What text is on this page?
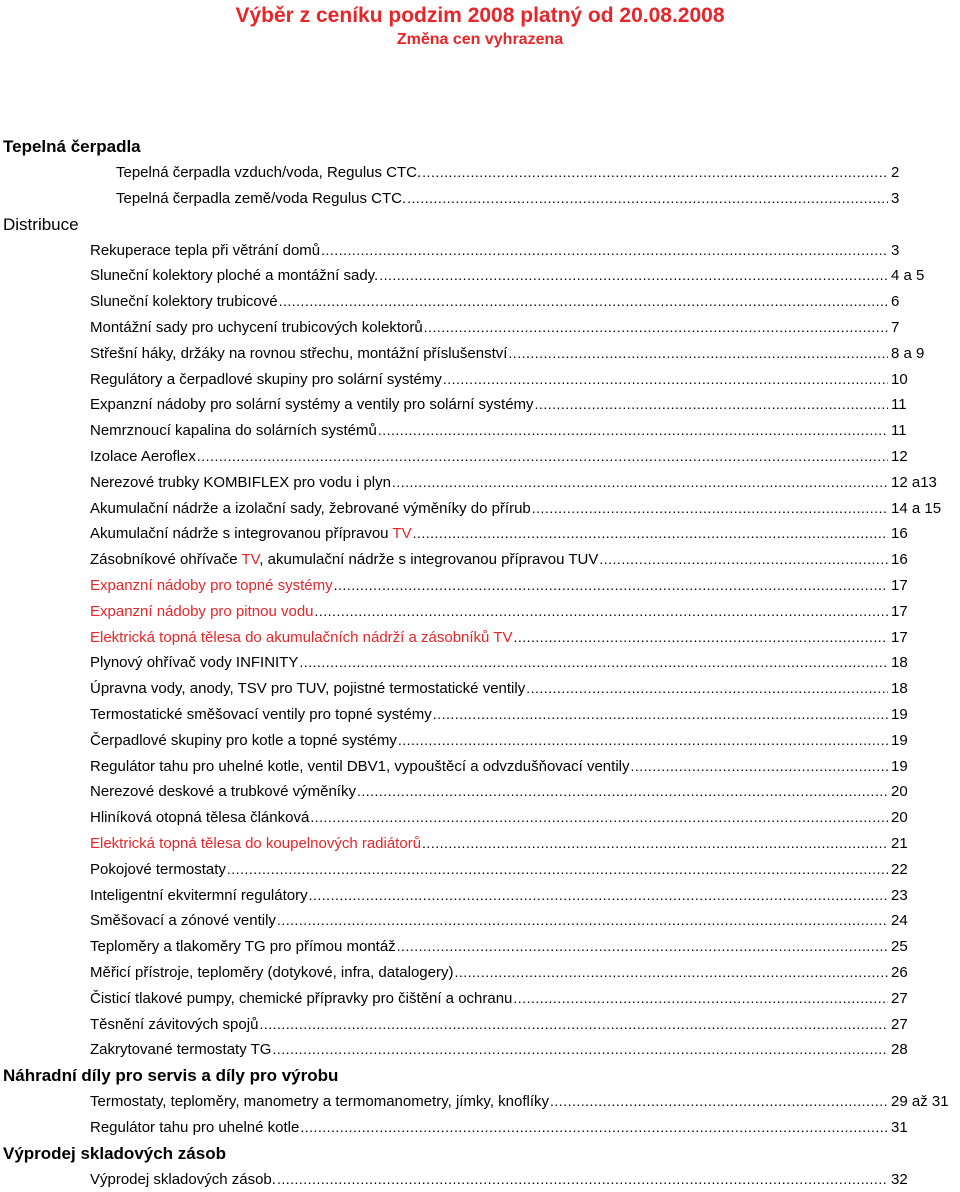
Výběr z ceníku podzim 2008 platný od 20.08.2008
Změna cen vyhrazena
Tepelná čerpadla
Tepelná čerpadla vzduch/voda, Regulus CTC. .....	2
Tepelná čerpadla země/voda Regulus CTC. .....	3
Distribuce
Rekuperace tepla při větrání domů .....	3
Sluneční kolektory ploché a montážní sady. .....	4 a 5
Sluneční kolektory trubicové .....	6
Montážní sady pro uchycení trubicových kolektorů .....	7
Střešní háky, držáky na rovnou střechu, montážní příslušenství .....	8 a 9
Regulátory a čerpadlové skupiny pro solární systémy .....	10
Expanzní nádoby pro solární systémy a ventily pro solární systémy .....	11
Nemrznoucí kapalina do solárních systémů .....	11
Izolace Aeroflex .....	12
Nerezové trubky KOMBIFLEX pro vodu i plyn .....	12 a13
Akumulační nádrže a izolační sady, žebrované výměníky do přírub .....	14 a 15
Akumulační nádrže s integrovanou přípravou TV .....	16
Zásobníkové ohřívače TV, akumulační nádrže s integrovanou přípravou TUV .....	16
Expanzní nádoby pro topné systémy .....	17
Expanzní nádoby pro pitnou vodu .....	17
Elektrická topná tělesa do akumulačních nádrží a zásobníků TV .....	17
Plynový ohřívač vody INFINITY .....	18
Úpravna vody, anody, TSV pro TUV, pojistné termostatické ventily .....	18
Termostatické směšovací ventily pro topné systémy .....	19
Čerpadlové skupiny pro kotle a topné systémy .....	19
Regulátor tahu pro uhelné kotle, ventil DBV1, vypouštěcí a odvzdušňovací ventily .....	19
Nerezové deskové a trubkové výměníky .....	20
Hliníková otopná tělesa článková .....	20
Elektrická topná tělesa do koupelnových radiátorů .....	21
Pokojové termostaty .....	22
Inteligentní ekvitermní regulátory .....	23
Směšovací a zónové ventily .....	24
Teploměry a tlakoměry TG pro přímou montáž .....	25
Měřicí přístroje, teploměry (dotykové, infra, datalogery) .....	26
Čisticí tlakové pumpy, chemické přípravky pro čištění a ochranu .....	27
Těsnění závitových spojů .....	27
Zakrytované termostaty TG .....	28
Náhradní díly pro servis a díly pro výrobu
Termostaty, teploměry, manometry a termomanometry, jímky, knoflíky .....	29 až 31
Regulátor tahu pro uhelné kotle .....	31
Výprodej skladových zásob
Výprodej skladových zásob. .....	32
